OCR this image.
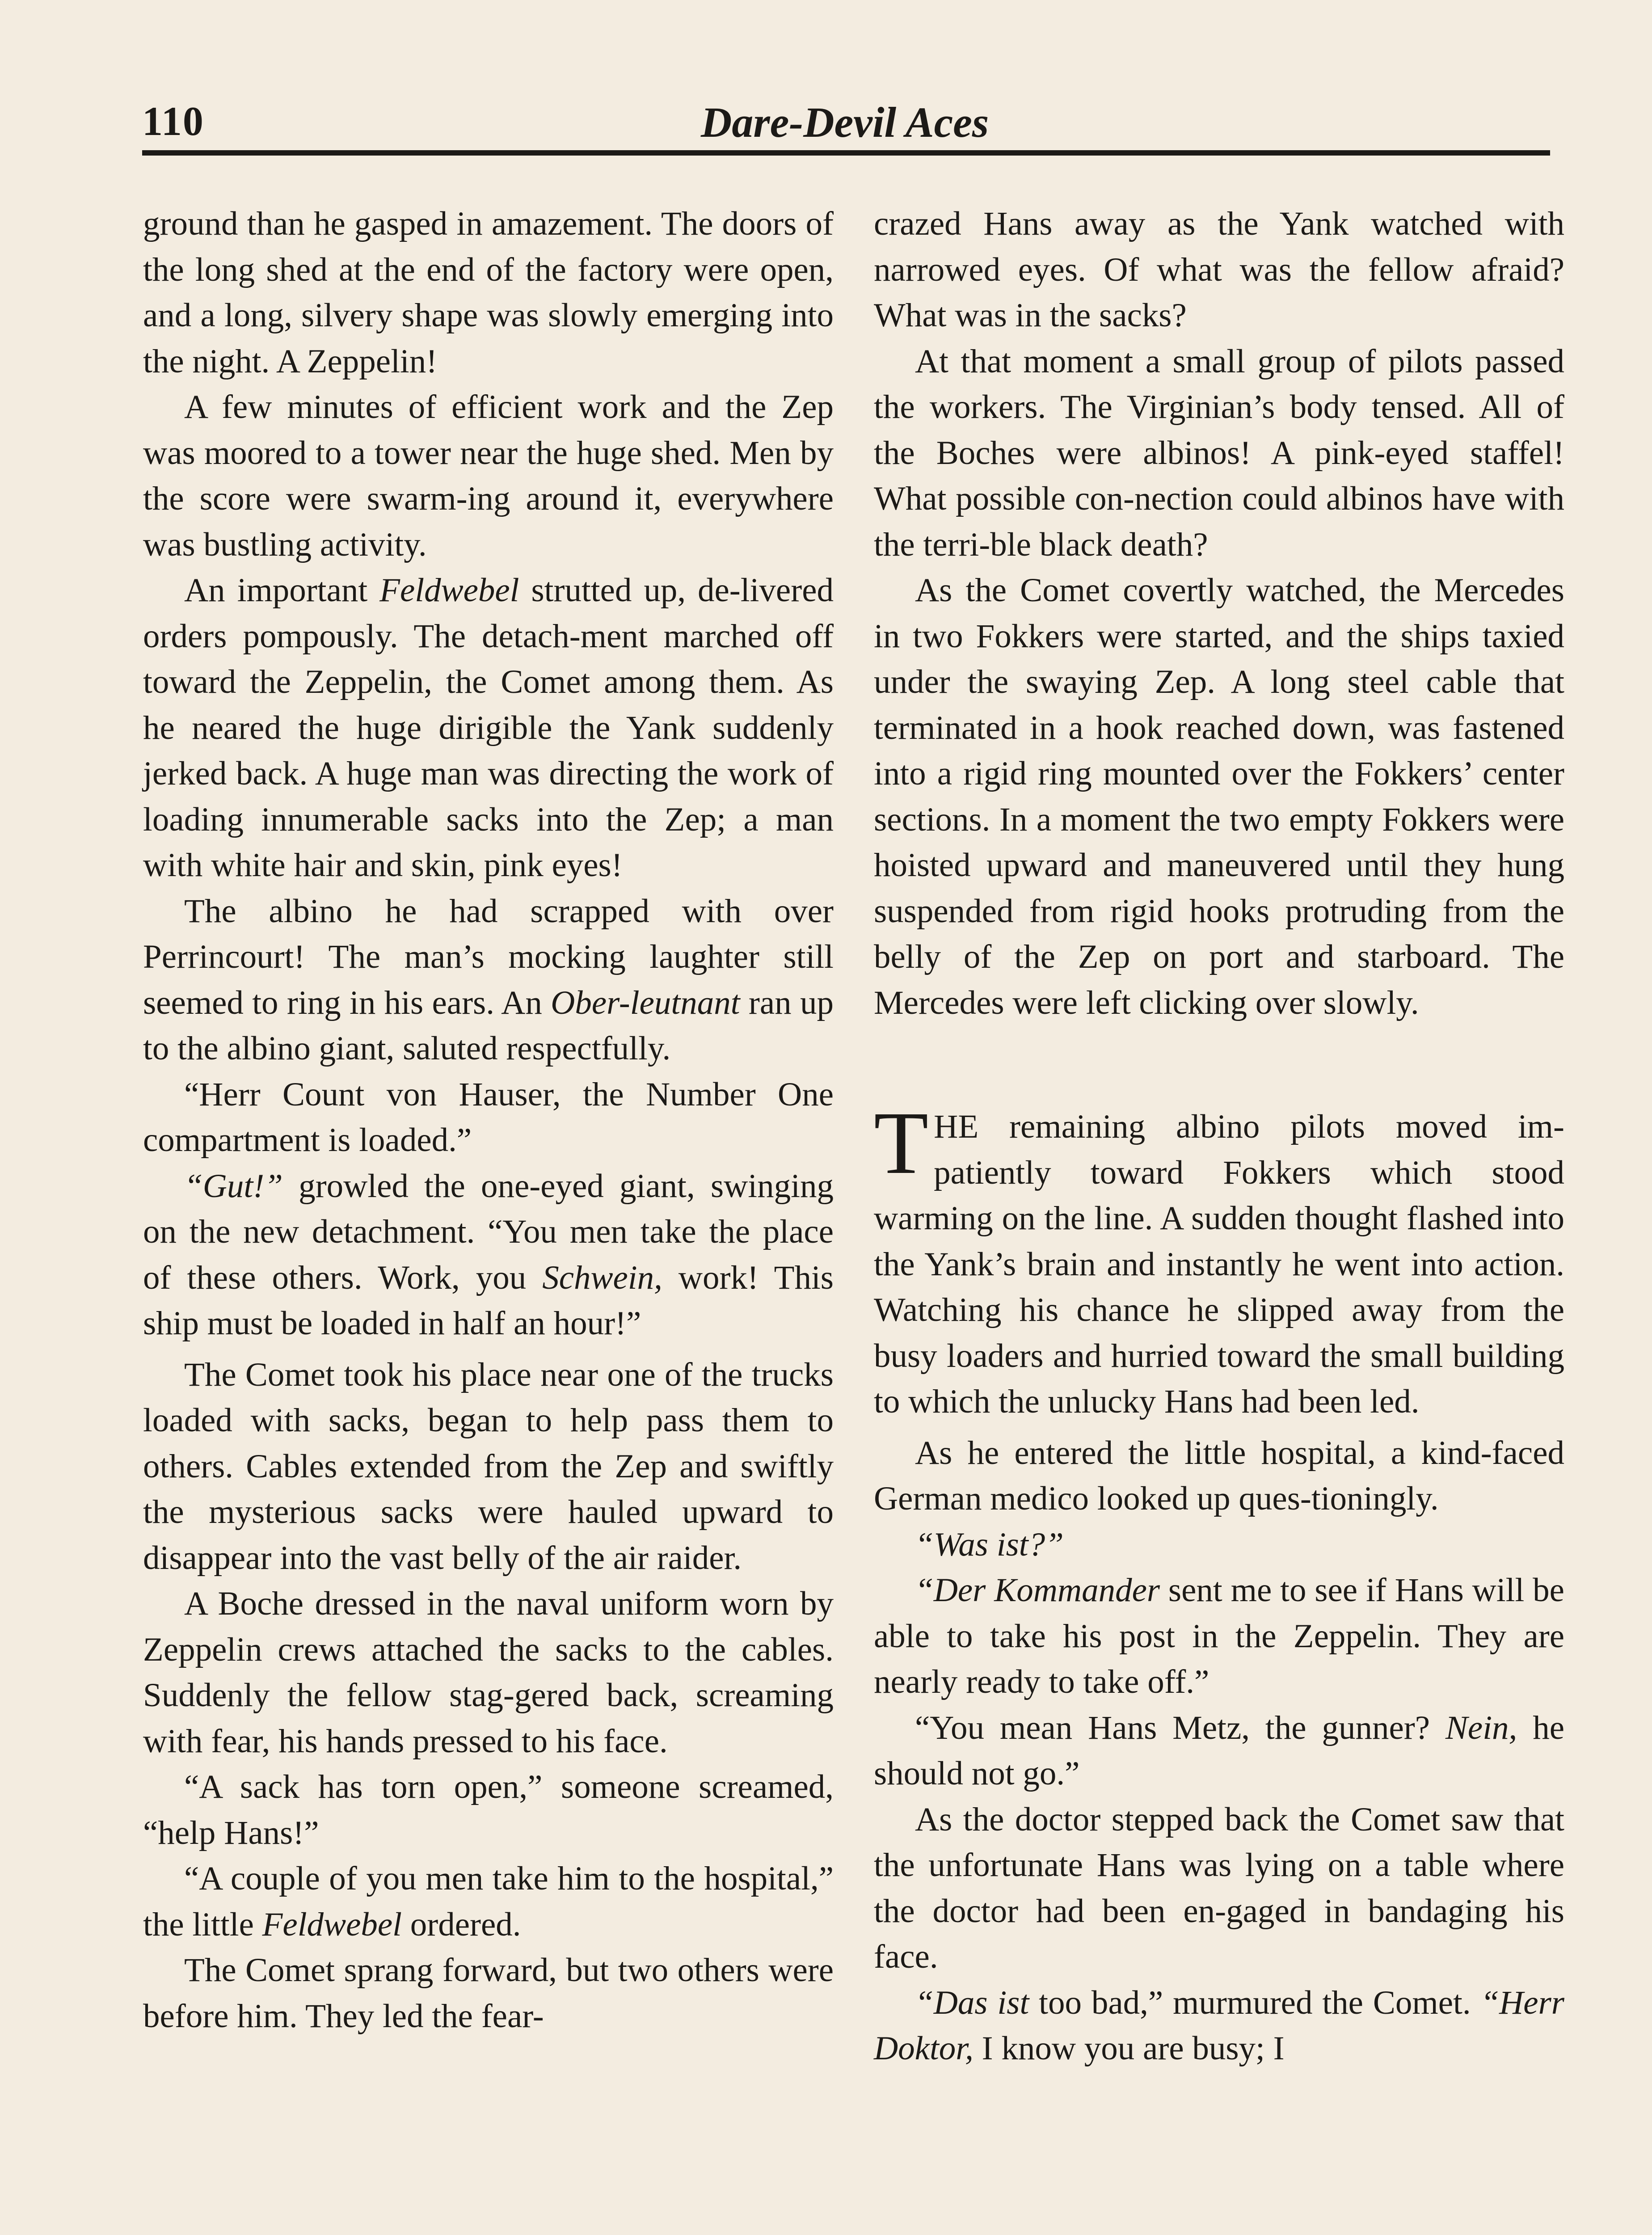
110	Dare-Devil Aces

ground than he gasped in amazement. The doors of the long shed at the end of the factory were open, and a long, silvery shape was slowly emerging into the night. A Zeppelin!

A few minutes of efficient work and the Zep was moored to a tower near the huge shed. Men by the score were swarm-ing around it, everywhere was bustling activity.

An important Feldwebel strutted up, de-livered orders pompously. The detach-ment marched off toward the Zeppelin, the Comet among them. As he neared the huge dirigible the Yank suddenly jerked back. A huge man was directing the work of loading innumerable sacks into the Zep; a man with white hair and skin, pink eyes!

The albino he had scrapped with over Perrincourt! The man’s mocking laughter still seemed to ring in his ears. An Ober-leutnant ran up to the albino giant, saluted respectfully.

“Herr Count von Hauser, the Number One compartment is loaded.”

“Gut!” growled the one-eyed giant, swinging on the new detachment. “You men take the place of these others. Work, you Schwein, work! This ship must be loaded in half an hour!”

The Comet took his place near one of the trucks loaded with sacks, began to help pass them to others. Cables extended from the Zep and swiftly the mysterious sacks were hauled upward to disappear into the vast belly of the air raider.

A Boche dressed in the naval uniform worn by Zeppelin crews attached the sacks to the cables. Suddenly the fellow stag-gered back, screaming with fear, his hands pressed to his face.

“A sack has torn open,” someone screamed, “help Hans!”

“A couple of you men take him to the hospital,” the little Feldwebel ordered.

The Comet sprang forward, but two others were before him. They led the fear-

crazed Hans away as the Yank watched with narrowed eyes. Of what was the fellow afraid? What was in the sacks?

At that moment a small group of pilots passed the workers. The Virginian’s body tensed. All of the Boches were albinos! A pink-eyed staffel! What possible con-nection could albinos have with the terri-ble black death?

As the Comet covertly watched, the Mercedes in two Fokkers were started, and the ships taxied under the swaying Zep. A long steel cable that terminated in a hook reached down, was fastened into a rigid ring mounted over the Fokkers’ center sections. In a moment the two empty Fokkers were hoisted upward and maneuvered until they hung suspended from rigid hooks protruding from the belly of the Zep on port and starboard. The Mercedes were left clicking over slowly.

THE remaining albino pilots moved im-patiently toward Fokkers which stood warming on the line. A sudden thought flashed into the Yank’s brain and instantly he went into action. Watching his chance he slipped away from the busy loaders and hurried toward the small building to which the unlucky Hans had been led.

As he entered the little hospital, a kind-faced German medico looked up ques-tioningly.

“Was ist?”

“Der Kommander sent me to see if Hans will be able to take his post in the Zeppelin. They are nearly ready to take off.”

“You mean Hans Metz, the gunner? Nein, he should not go.”

As the doctor stepped back the Comet saw that the unfortunate Hans was lying on a table where the doctor had been en-gaged in bandaging his face.

“Das ist too bad,” murmured the Comet. “Herr Doktor, I know you are busy; I
